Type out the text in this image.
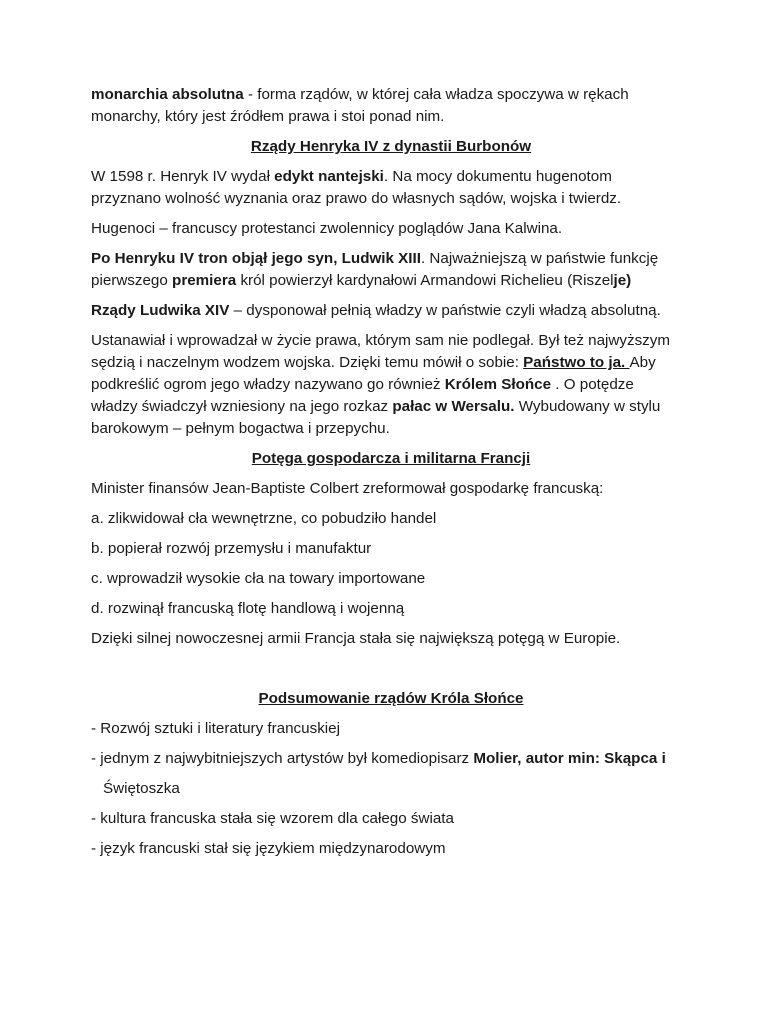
monarchia absolutna - forma rządów, w której cała władza spoczywa w rękach

monarchy, który jest źródłem prawa i stoi ponad nim.

Rządy Henryka IV z dynastii Burbonów

W 1598 r. Henryk IV wydał edykt nantejski. Na mocy dokumentu hugenotom

przyznano wolność wyznania oraz prawo do własnych sądów, wojska i twierdz.

Hugenoci – francuscy protestanci zwolennicy poglądów Jana Kalwina.

Po Henryku IV tron objął jego syn, Ludwik XIII. Najważniejszą w państwie funkcję

pierwszego premiera król powierzył kardynałowi Armandowi Richelieu (Riszelje)

Rządy Ludwika XIV – dysponował pełnią władzy w państwie czyli władzą absolutną.

Ustanawiał i wprowadzał w życie prawa, którym sam nie podlegał. Był też najwyższym

sędzią i naczelnym wodzem wojska. Dzięki temu mówił o sobie: Państwo to ja. Aby

podkreślić ogrom jego władzy nazywano go również Królem Słońce . O potędze

władzy świadczył wzniesiony na jego rozkaz pałac w Wersalu. Wybudowany w stylu

barokowym – pełnym bogactwa i przepychu.

Potęga gospodarcza i militarna Francji

Minister finansów Jean-Baptiste Colbert zreformował gospodarkę francuską:

a. zlikwidował cła wewnętrzne, co pobudziło handel

b. popierał rozwój przemysłu i manufaktur

c. wprowadził wysokie cła na towary importowane

d. rozwinął francuską flotę handlową i wojenną

Dzięki silnej nowoczesnej armii Francja stała się największą potęgą w Europie.

Podsumowanie rządów Króla Słońce

- Rozwój sztuki i literatury francuskiej

- jednym z najwybitniejszych artystów był komediopisarz Molier, autor min: Skąpca i

Świętoszka

- kultura francuska stała się wzorem dla całego świata

- język francuski stał się językiem międzynarodowym
